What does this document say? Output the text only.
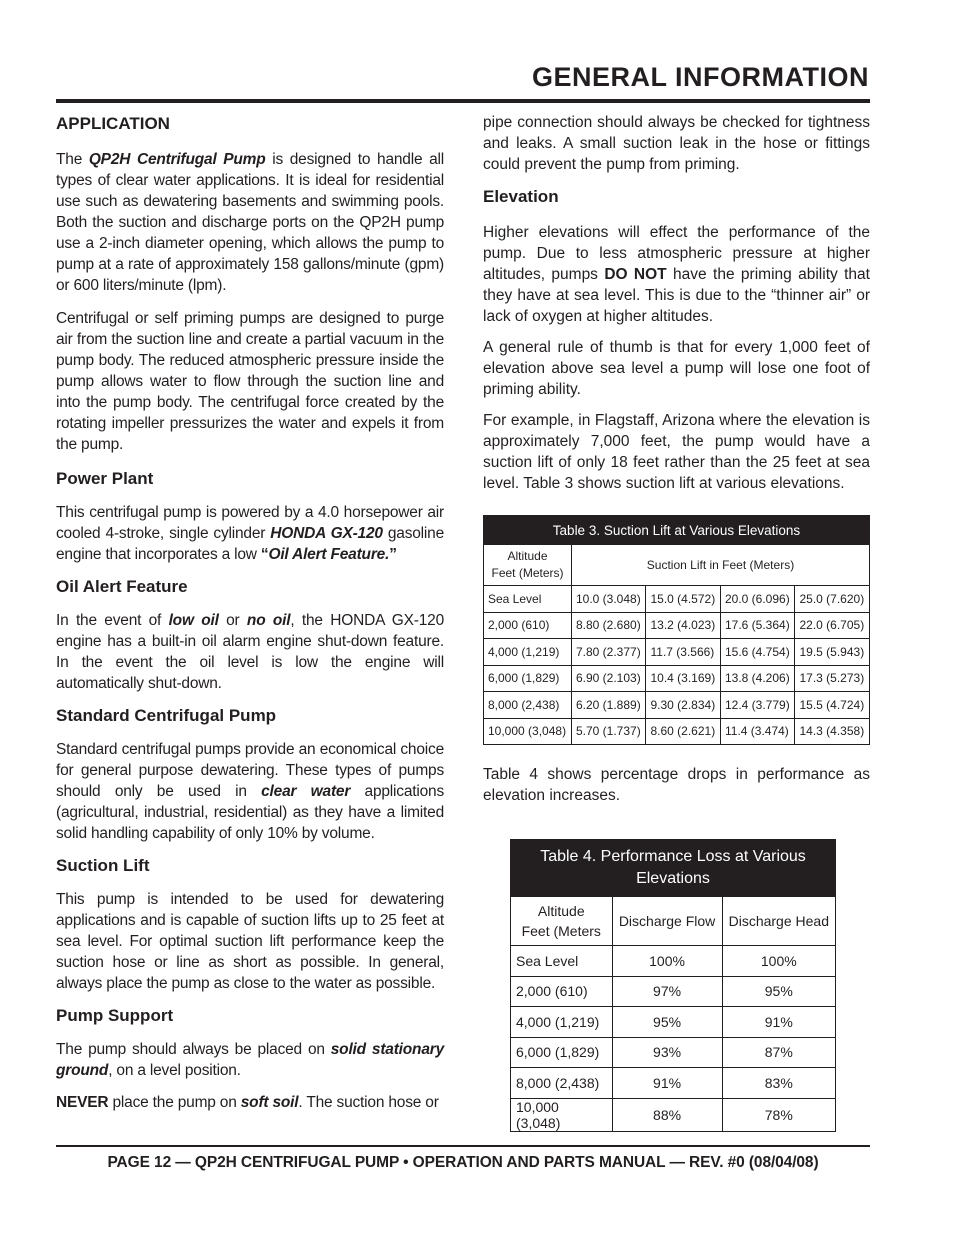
GENERAL INFORMATION
APPLICATION

The QP2H Centrifugal Pump is designed to handle all types of clear water applications. It is ideal for residential use such as dewatering basements and swimming pools. Both the suction and discharge ports on the QP2H pump use a 2-inch diameter opening, which allows the pump to pump at a rate of approximately 158 gallons/minute (gpm) or 600 liters/minute (lpm).

Centrifugal or self priming pumps are designed to purge air from the suction line and create a partial vacuum in the pump body. The reduced atmospheric pressure inside the pump allows water to flow through the suction line and into the pump body. The centrifugal force created by the rotating impeller pressurizes the water and expels it from the pump.

Power Plant

This centrifugal pump is powered by a 4.0 horsepower air cooled 4-stroke, single cylinder HONDA GX-120 gasoline engine that incorporates a low “Oil Alert Feature.”

Oil Alert Feature

In the event of low oil or no oil, the HONDA GX-120 engine has a built-in oil alarm engine shut-down feature. In the event the oil level is low the engine will automatically shut-down.

Standard Centrifugal Pump

Standard centrifugal pumps provide an economical choice for general purpose dewatering. These types of pumps should only be used in clear water applications (agricultural, industrial, residential) as they have a limited solid handling capability of only 10% by volume.

Suction Lift

This pump is intended to be used for dewatering applications and is capable of suction lifts up to 25 feet at sea level. For optimal suction lift performance keep the suction hose or line as short as possible. In general, always place the pump as close to the water as possible.

Pump Support

The pump should always be placed on solid stationary ground, on a level position.

NEVER place the pump on soft soil. The suction hose or

pipe connection should always be checked for tightness and leaks. A small suction leak in the hose or fittings could prevent the pump from priming.

Elevation

Higher elevations will effect the performance of the pump. Due to less atmospheric pressure at higher altitudes, pumps DO NOT have the priming ability that they have at sea level. This is due to the “thinner air” or lack of oxygen at higher altitudes.

A general rule of thumb is that for every 1,000 feet of elevation above sea level a pump will lose one foot of priming ability.

For example, in Flagstaff, Arizona where the elevation is approximately 7,000 feet, the pump would have a suction lift of only 18 feet rather than the 25 feet at sea level. Table 3 shows suction lift at various elevations.

Table 3. Suction Lift at Various Elevations				
Altitude
Feet (Meters)	Suction Lift in Feet (Meters)			
Sea Level	10.0 (3.048)	15.0 (4.572)	20.0 (6.096)	25.0 (7.620)
2,000 (610)	8.80 (2.680)	13.2 (4.023)	17.6 (5.364)	22.0 (6.705)
4,000 (1,219)	7.80 (2.377)	11.7 (3.566)	15.6 (4.754)	19.5 (5.943)
6,000 (1,829)	6.90 (2.103)	10.4 (3.169)	13.8 (4.206)	17.3 (5.273)
8,000 (2,438)	6.20 (1.889)	9.30 (2.834)	12.4 (3.779)	15.5 (4.724)
10,000 (3,048)	5.70 (1.737)	8.60 (2.621)	11.4 (3.474)	14.3 (4.358)

Table 4 shows percentage drops in performance as elevation increases.

Table 4. Performance Loss at Various Elevations		
Altitude
Feet (Meters	Discharge Flow	Discharge Head
Sea Level	100%	100%
2,000 (610)	97%	95%
4,000 (1,219)	95%	91%
6,000 (1,829)	93%	87%
8,000 (2,438)	91%	83%
10,000 (3,048)	88%	78%
PAGE 12 — QP2H CENTRIFUGAL PUMP • OPERATION AND PARTS MANUAL — REV. #0 (08/04/08)
